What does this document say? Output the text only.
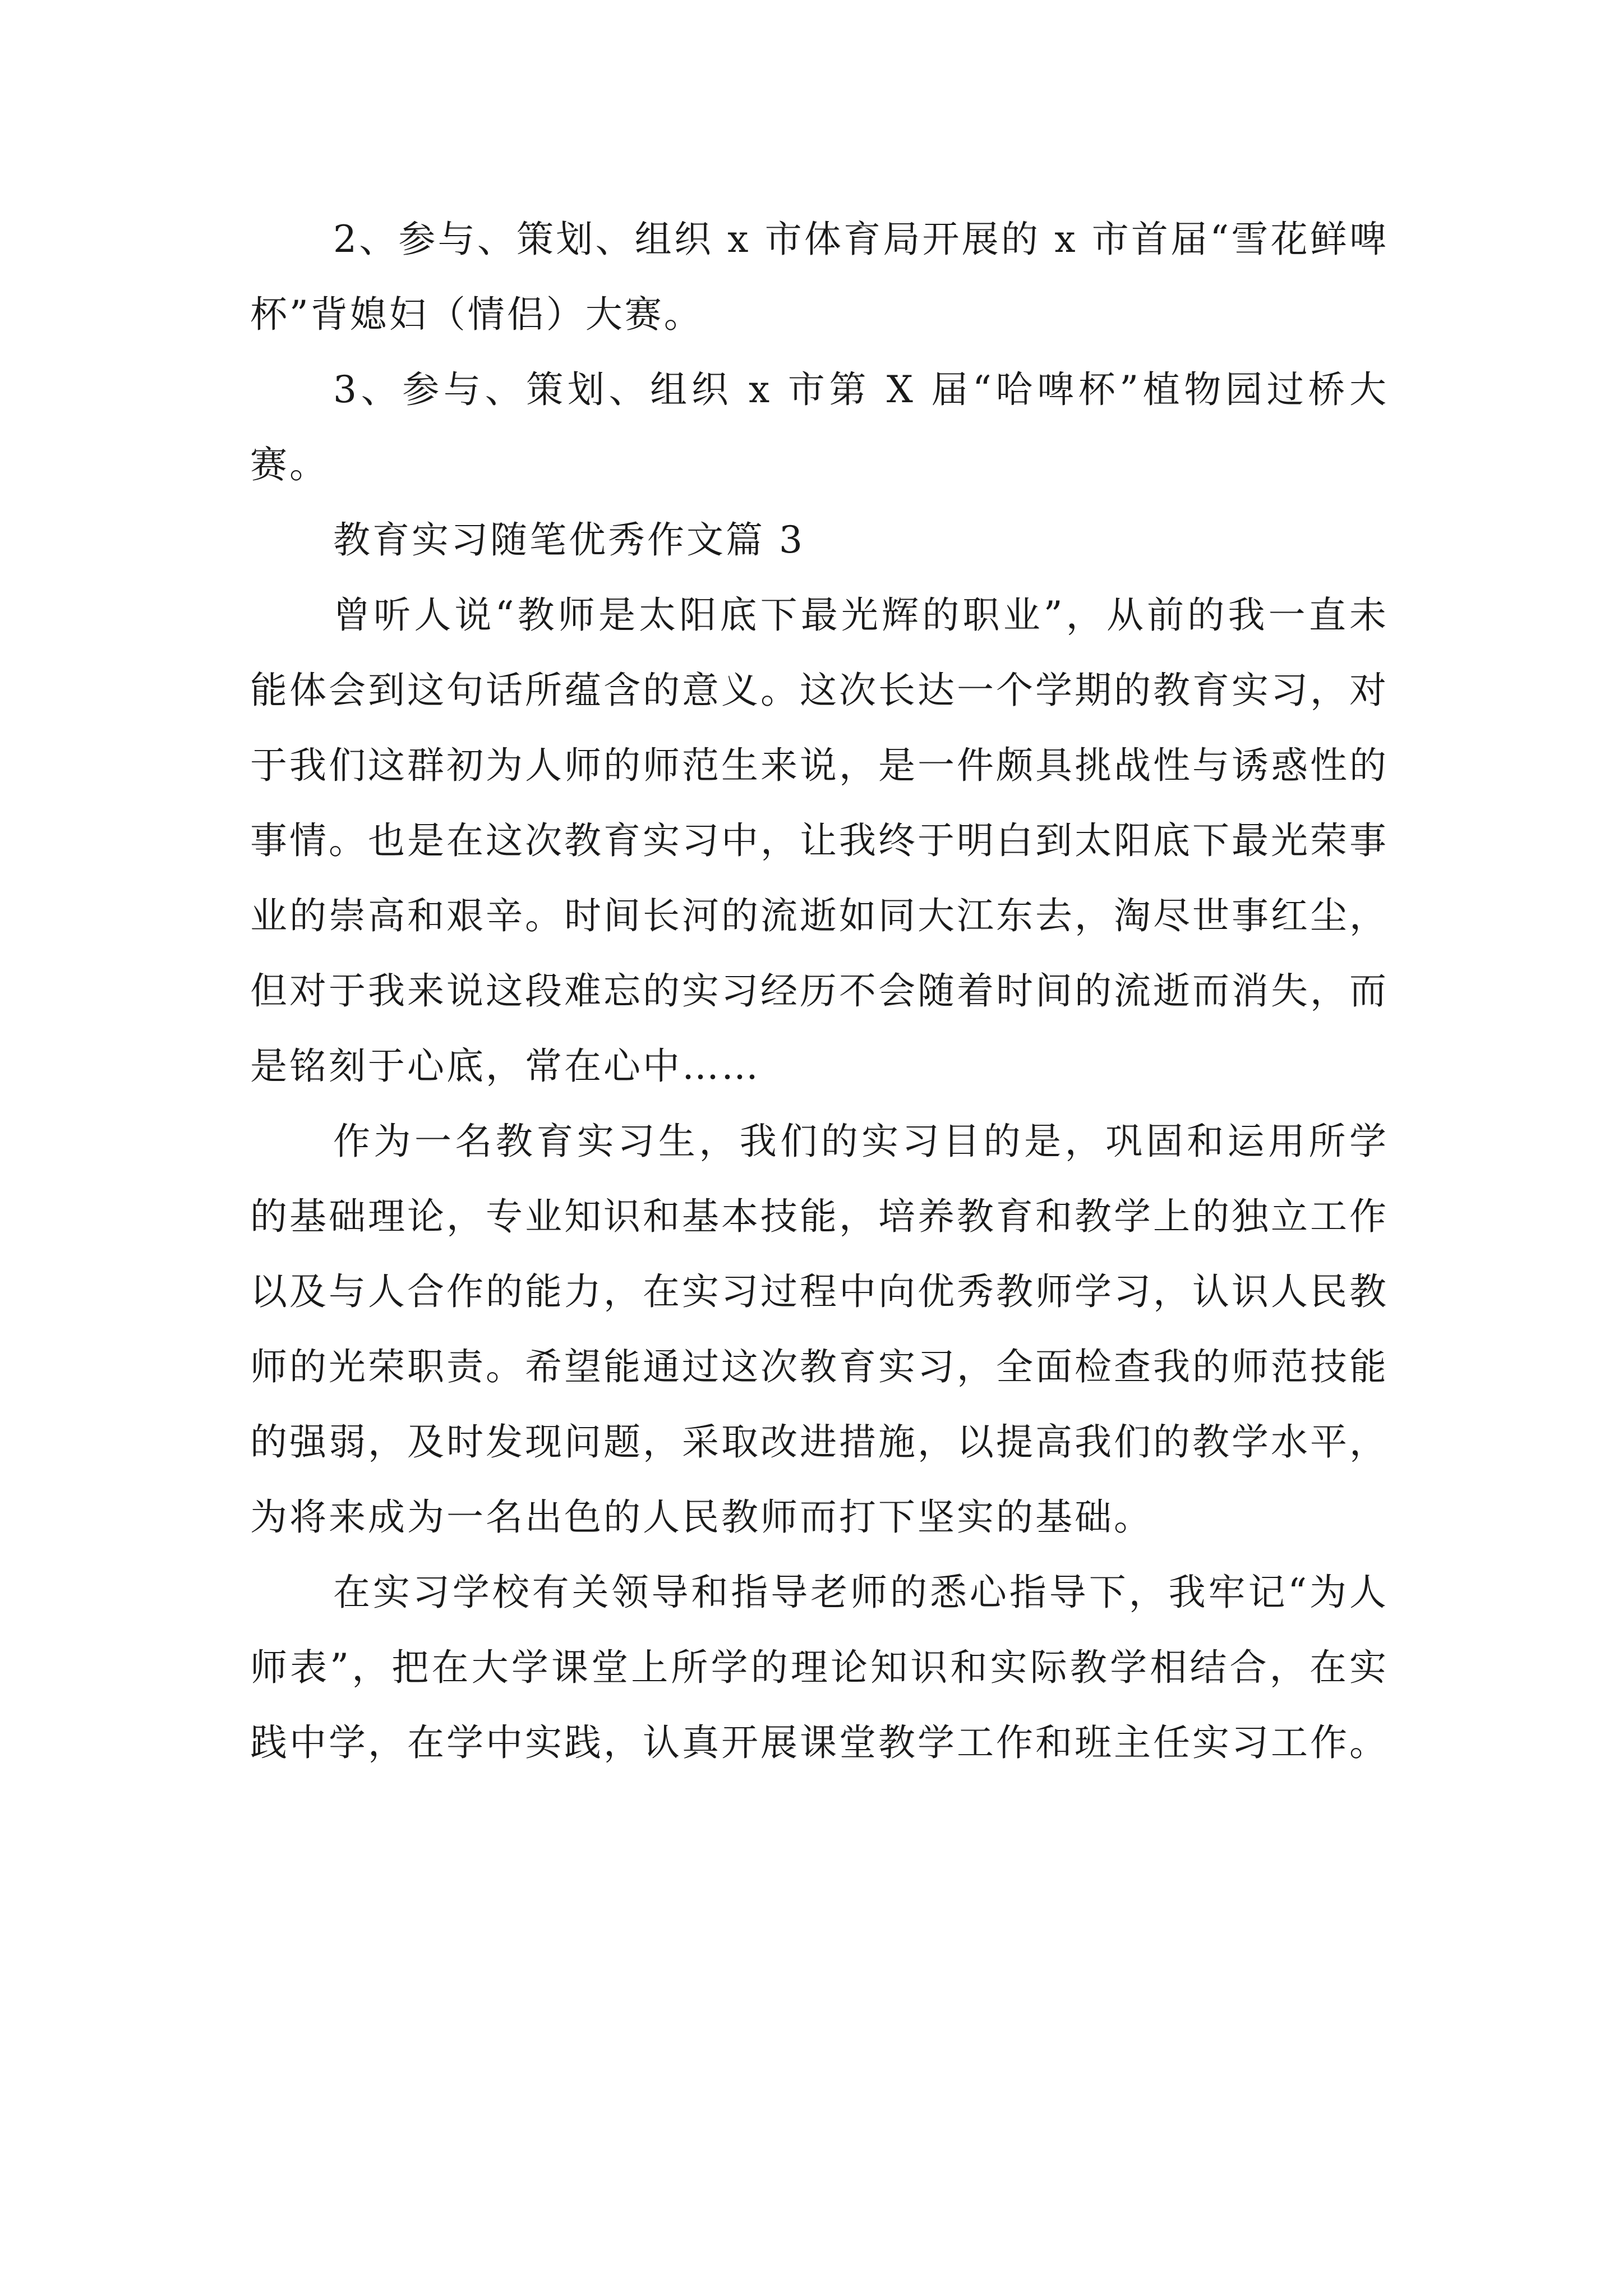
2、参与、策划、组织 x 市体育局开展的 x 市首届“雪花鲜啤杯”背媳妇（情侣）大赛。

3、参与、策划、组织 x 市第 X 届“哈啤杯”植物园过桥大赛。

教育实习随笔优秀作文篇 3

曾听人说“教师是太阳底下最光辉的职业”，从前的我一直未能体会到这句话所蕴含的意义。这次长达一个学期的教育实习，对于我们这群初为人师的师范生来说，是一件颇具挑战性与诱惑性的事情。也是在这次教育实习中，让我终于明白到太阳底下最光荣事业的崇高和艰辛。时间长河的流逝如同大江东去，淘尽世事红尘，但对于我来说这段难忘的实习经历不会随着时间的流逝而消失，而是铭刻于心底，常在心中……

作为一名教育实习生，我们的实习目的是，巩固和运用所学的基础理论，专业知识和基本技能，培养教育和教学上的独立工作以及与人合作的能力，在实习过程中向优秀教师学习，认识人民教师的光荣职责。希望能通过这次教育实习，全面检查我的师范技能的强弱，及时发现问题，采取改进措施，以提高我们的教学水平，为将来成为一名出色的人民教师而打下坚实的基础。

在实习学校有关领导和指导老师的悉心指导下，我牢记“为人师表”，把在大学课堂上所学的理论知识和实际教学相结合，在实践中学，在学中实践，认真开展课堂教学工作和班主任实习工作。
